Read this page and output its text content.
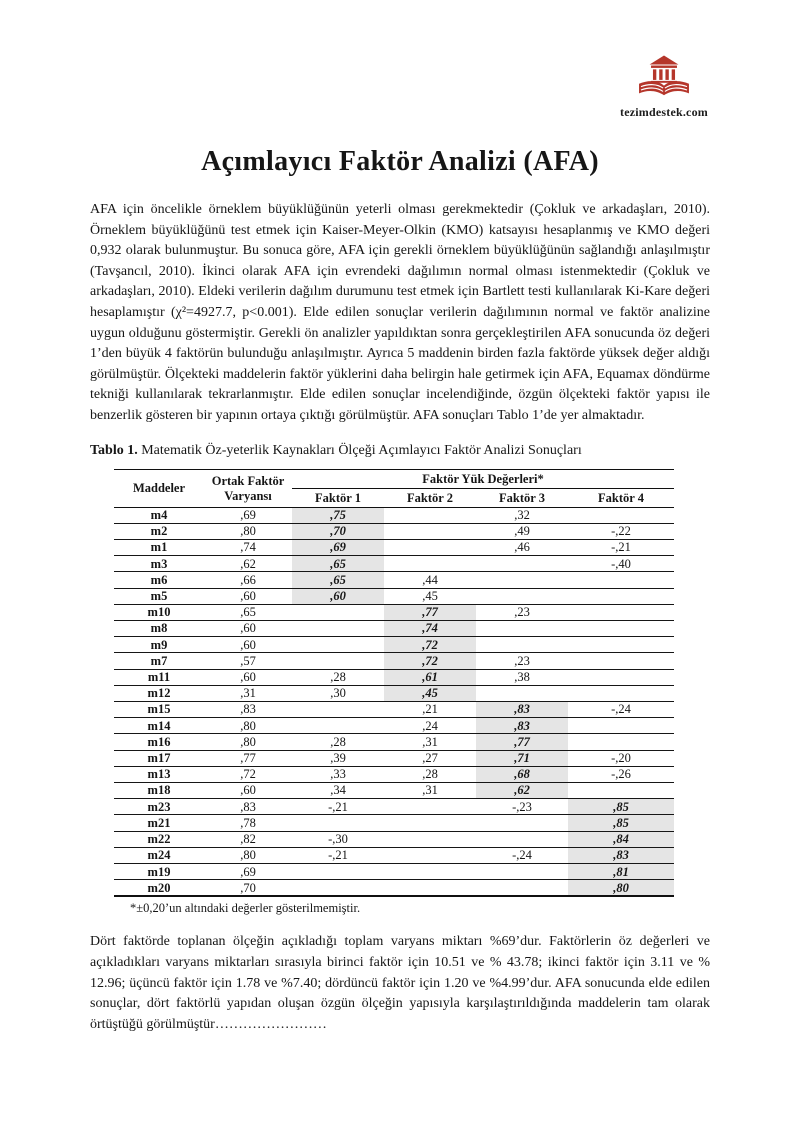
tezimdestek.com
Açımlayıcı Faktör Analizi (AFA)

AFA için öncelikle örneklem büyüklüğünün yeterli olması gerekmektedir (Çokluk ve arkadaşları, 2010). Örneklem büyüklüğünü test etmek için Kaiser-Meyer-Olkin (KMO) katsayısı hesaplanmış ve KMO değeri 0,932 olarak bulunmuştur. Bu sonuca göre, AFA için gerekli örneklem büyüklüğünün sağlandığı anlaşılmıştır (Tavşancıl, 2010). İkinci olarak AFA için evrendeki dağılımın normal olması istenmektedir (Çokluk ve arkadaşları, 2010). Eldeki verilerin dağılım durumunu test etmek için Bartlett testi kullanılarak Ki-Kare değeri hesaplamıştır (χ²=4927.7, p<0.001). Elde edilen sonuçlar verilerin dağılımının normal ve faktör analizine uygun olduğunu göstermiştir. Gerekli ön analizler yapıldıktan sonra gerçekleştirilen AFA sonucunda öz değeri 1’den büyük 4 faktörün bulunduğu anlaşılmıştır. Ayrıca 5 maddenin birden fazla faktörde yüksek değer aldığı görülmüştür. Ölçekteki maddelerin faktör yüklerini daha belirgin hale getirmek için AFA, Equamax döndürme tekniği kullanılarak tekrarlanmıştır. Elde edilen sonuçlar incelendiğinde, özgün ölçekteki faktör yapısı ile benzerlik gösteren bir yapının ortaya çıktığı görülmüştür. AFA sonuçları Tablo 1’de yer almaktadır.

Tablo 1. Matematik Öz-yeterlik Kaynakları Ölçeği Açımlayıcı Faktör Analizi Sonuçları

Maddeler	Ortak Faktör Varyansı	Faktör Yük Değerleri*			
		Faktör 1	Faktör 2	Faktör 3	Faktör 4
m4	,69	,75		,32	
m2	,80	,70		,49	-,22
m1	,74	,69		,46	-,21
m3	,62	,65			-,40
m6	,66	,65	,44		
m5	,60	,60	,45		
m10	,65		,77	,23	
m8	,60		,74		
m9	,60		,72		
m7	,57		,72	,23	
m11	,60	,28	,61	,38	
m12	,31	,30	,45		
m15	,83		,21	,83	-,24
m14	,80		,24	,83	
m16	,80	,28	,31	,77	
m17	,77	,39	,27	,71	-,20
m13	,72	,33	,28	,68	-,26
m18	,60	,34	,31	,62	
m23	,83	-,21		-,23	,85
m21	,78				,85
m22	,82	-,30			,84
m24	,80	-,21		-,24	,83
m19	,69				,81
m20	,70				,80

*±0,20’un altındaki değerler gösterilmemiştir.

Dört faktörde toplanan ölçeğin açıkladığı toplam varyans miktarı %69’dur. Faktörlerin öz değerleri ve açıkladıkları varyans miktarları sırasıyla birinci faktör için 10.51 ve % 43.78; ikinci faktör için 3.11 ve % 12.96; üçüncü faktör için 1.78 ve %7.40; dördüncü faktör için 1.20 ve %4.99’dur. AFA sonucunda elde edilen sonuçlar, dört faktörlü yapıdan oluşan özgün ölçeğin yapısıyla karşılaştırıldığında maddelerin tam olarak örtüştüğü görülmüştür……………………
